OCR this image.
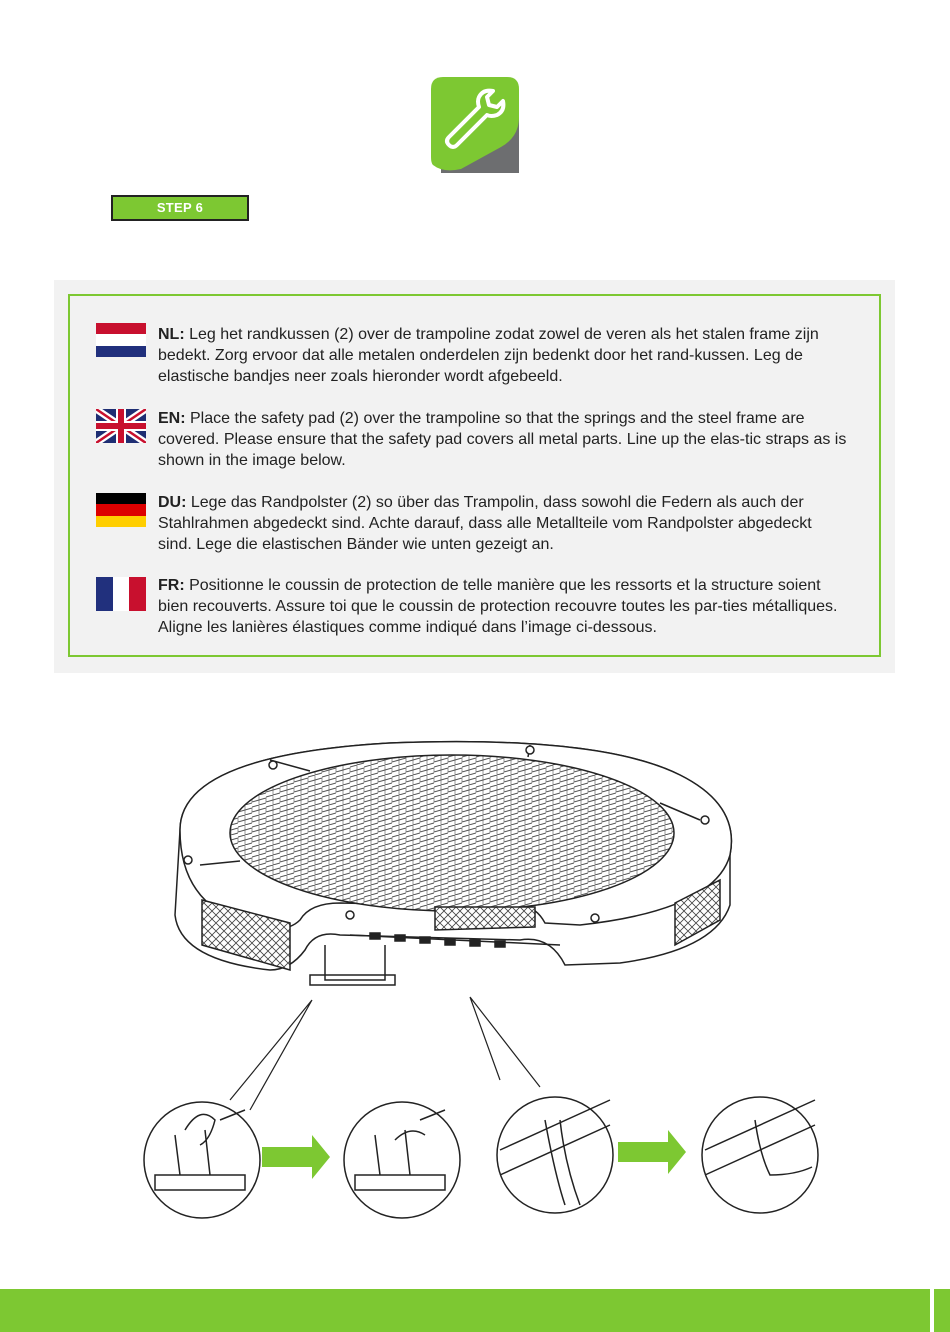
STEP 6
NL: Leg het randkussen (2) over de trampoline zodat zowel de veren als het stalen frame zijn bedekt. Zorg ervoor dat alle metalen onderdelen zijn bedenkt door het rand-kussen. Leg de elastische bandjes neer zoals hieronder wordt afgebeeld.
EN: Place the safety pad (2) over the trampoline so that the springs and the steel frame are covered. Please ensure that the safety pad covers all metal parts. Line up the elas-tic straps as is shown in the image below.
DU: Lege das Randpolster (2) so über das Trampolin, dass sowohl die Federn als auch der Stahlrahmen abgedeckt sind. Achte darauf, dass alle Metallteile vom Randpolster abgedeckt sind. Lege die elastischen Bänder wie unten gezeigt an.
FR: Positionne le coussin de protection de telle manière que les ressorts et la structure soient bien recouverts. Assure toi que le coussin de protection recouvre toutes les par-ties métalliques. Aligne les lanières élastiques comme indiqué dans l’image ci-dessous.
